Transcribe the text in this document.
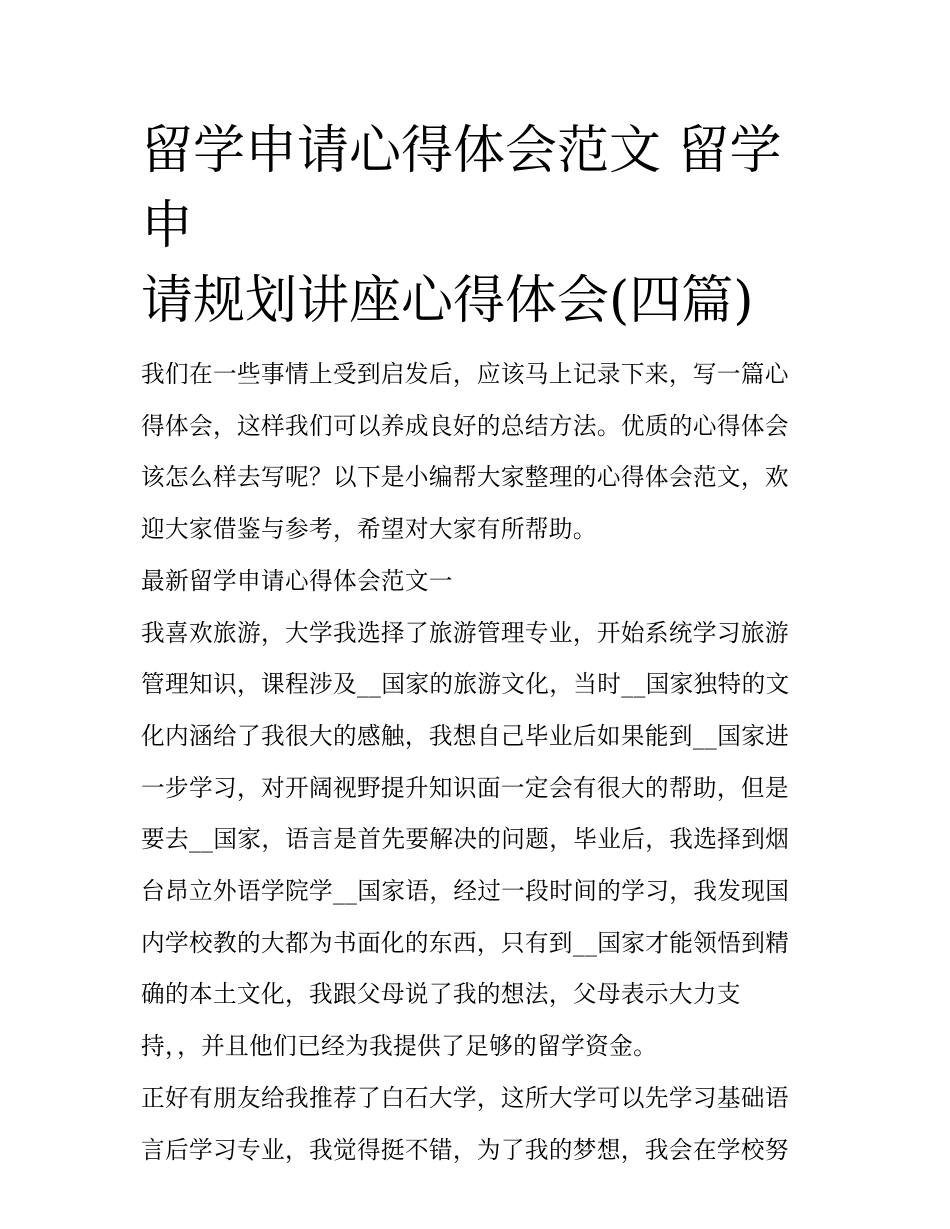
留学申请心得体会范文 留学申
请规划讲座心得体会(四篇)

我们在一些事情上受到启发后，应该马上记录下来，写一篇心
得体会，这样我们可以养成良好的总结方法。优质的心得体会
该怎么样去写呢？以下是小编帮大家整理的心得体会范文，欢
迎大家借鉴与参考，希望对大家有所帮助。

最新留学申请心得体会范文一

我喜欢旅游，大学我选择了旅游管理专业，开始系统学习旅游
管理知识，课程涉及__国家的旅游文化，当时__国家独特的文
化内涵给了我很大的感触，我想自己毕业后如果能到__国家进
一步学习，对开阔视野提升知识面一定会有很大的帮助，但是
要去__国家，语言是首先要解决的问题，毕业后，我选择到烟
台昂立外语学院学__国家语，经过一段时间的学习，我发现国
内学校教的大都为书面化的东西，只有到__国家才能领悟到精
确的本土文化，我跟父母说了我的想法，父母表示大力支
持，，并且他们已经为我提供了足够的留学资金。

正好有朋友给我推荐了白石大学，这所大学可以先学习基础语
言后学习专业，我觉得挺不错，为了我的梦想，我会在学校努
